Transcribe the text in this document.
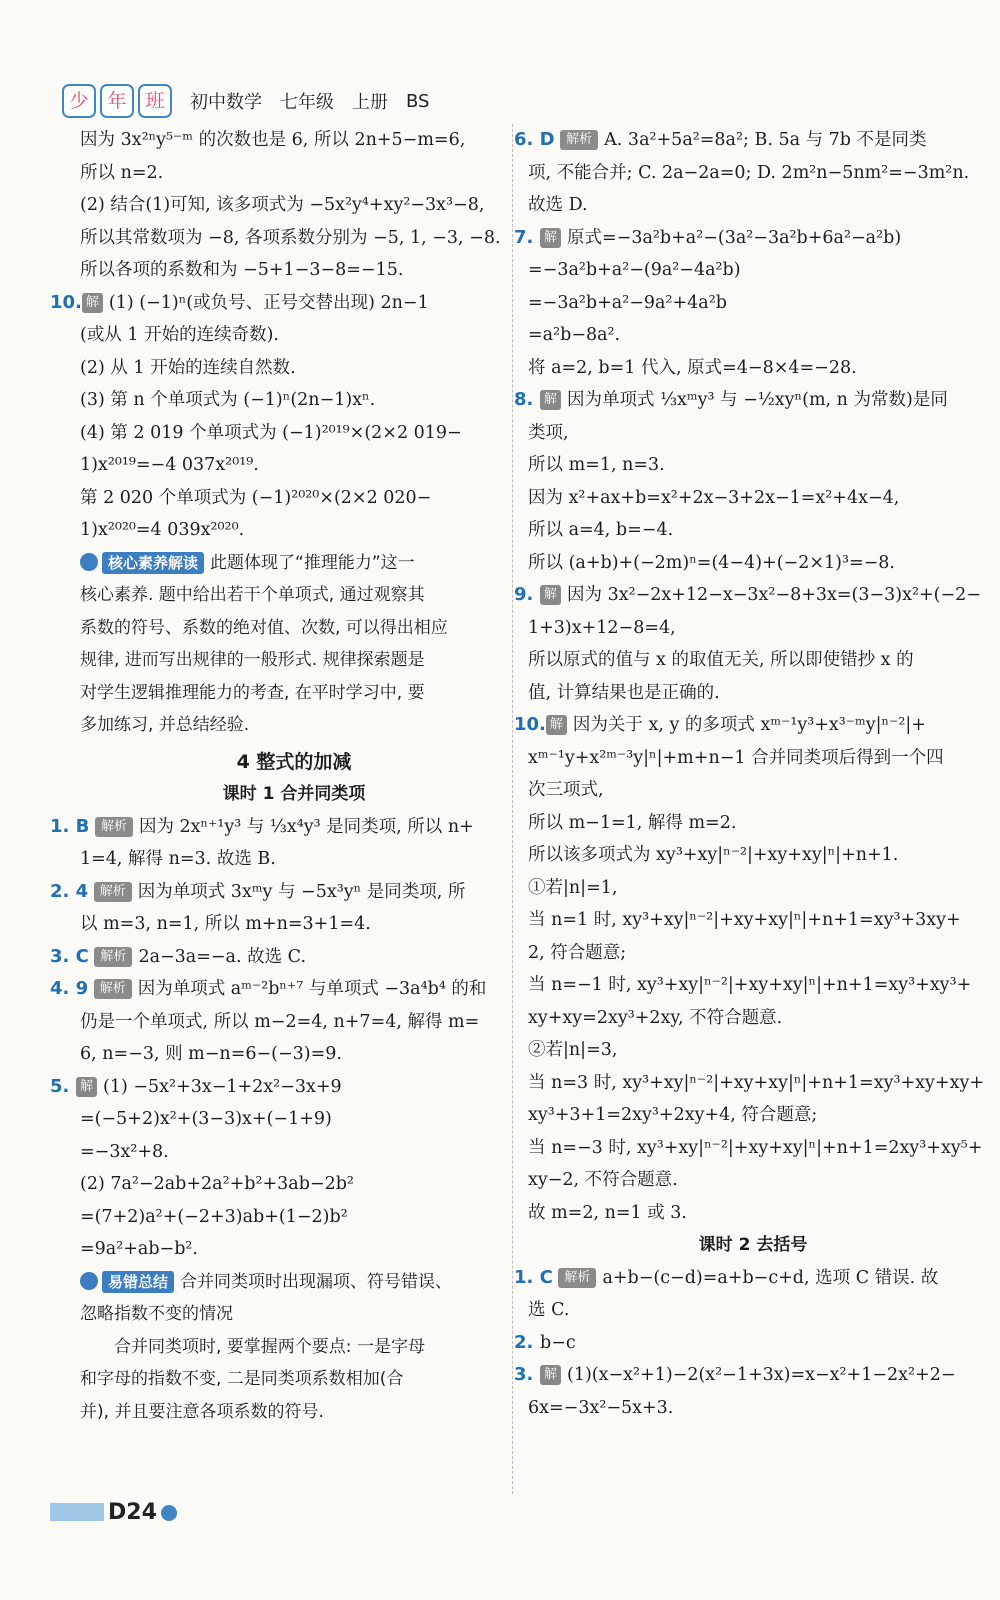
少 年 班	初中数学 七年级 上册 BS
因为 3x²ⁿy⁵⁻ᵐ 的次数也是 6, 所以 2n+5−m=6,
所以 n=2.
(2) 结合(1)可知, 该多项式为 −5x²y⁴+xy²−3x³−8,
所以其常数项为 −8, 各项系数分别为 −5, 1, −3, −8.
所以各项的系数和为 −5+1−3−8=−15.
10. 解 (1) (−1)ⁿ(或负号、正号交替出现) 2n−1
(或从 1 开始的连续奇数).
(2) 从 1 开始的连续自然数.
(3) 第 n 个单项式为 (−1)ⁿ(2n−1)xⁿ.
(4) 第 2 019 个单项式为 (−1)²⁰¹⁹×(2×2 019−
1)x²⁰¹⁹=−4 037x²⁰¹⁹.
第 2 020 个单项式为 (−1)²⁰²⁰×(2×2 020−
1)x²⁰²⁰=4 039x²⁰²⁰.
核心素养解读 此题体现了“推理能力”这一
核心素养. 题中给出若干个单项式, 通过观察其
系数的符号、系数的绝对值、次数, 可以得出相应
规律, 进而写出规律的一般形式. 规律探索题是
对学生逻辑推理能力的考查, 在平时学习中, 要
多加练习, 并总结经验.
4 整式的加减
课时 1 合并同类项
1. B 解析 因为 2xⁿ⁺¹y³ 与 ⅓x⁴y³ 是同类项, 所以 n+
1=4, 解得 n=3. 故选 B.
2. 4 解析 因为单项式 3xᵐy 与 −5x³yⁿ 是同类项, 所
以 m=3, n=1, 所以 m+n=3+1=4.
3. C 解析 2a−3a=−a. 故选 C.
4. 9 解析 因为单项式 aᵐ⁻²bⁿ⁺⁷ 与单项式 −3a⁴b⁴ 的和
仍是一个单项式, 所以 m−2=4, n+7=4, 解得 m=
6, n=−3, 则 m−n=6−(−3)=9.
5. 解 (1) −5x²+3x−1+2x²−3x+9
=(−5+2)x²+(3−3)x+(−1+9)
=−3x²+8.
(2) 7a²−2ab+2a²+b²+3ab−2b²
=(7+2)a²+(−2+3)ab+(1−2)b²
=9a²+ab−b².
易错总结 合并同类项时出现漏项、符号错误、
忽略指数不变的情况
合并同类项时, 要掌握两个要点: 一是字母
和字母的指数不变, 二是同类项系数相加(合
并), 并且要注意各项系数的符号.
6. D 解析 A. 3a²+5a²=8a²; B. 5a 与 7b 不是同类
项, 不能合并; C. 2a−2a=0; D. 2m²n−5nm²=−3m²n.
故选 D.
7. 解 原式=−3a²b+a²−(3a²−3a²b+6a²−a²b)
=−3a²b+a²−(9a²−4a²b)
=−3a²b+a²−9a²+4a²b
=a²b−8a².
将 a=2, b=1 代入, 原式=4−8×4=−28.
8. 解 因为单项式 ⅓xᵐy³ 与 −½xyⁿ(m, n 为常数)是同
类项,
所以 m=1, n=3.
因为 x²+ax+b=x²+2x−3+2x−1=x²+4x−4,
所以 a=4, b=−4.
所以 (a+b)+(−2m)ⁿ=(4−4)+(−2×1)³=−8.
9. 解 因为 3x²−2x+12−x−3x²−8+3x=(3−3)x²+(−2−
1+3)x+12−8=4,
所以原式的值与 x 的取值无关, 所以即使错抄 x 的
值, 计算结果也是正确的.
10. 解 因为关于 x, y 的多项式 xᵐ⁻¹y³+x³⁻ᵐy|ⁿ⁻²|+
xᵐ⁻¹y+x²ᵐ⁻³y|ⁿ|+m+n−1 合并同类项后得到一个四
次三项式,
所以 m−1=1, 解得 m=2.
所以该多项式为 xy³+xy|ⁿ⁻²|+xy+xy|ⁿ|+n+1.
①若|n|=1,
当 n=1 时, xy³+xy|ⁿ⁻²|+xy+xy|ⁿ|+n+1=xy³+3xy+
2, 符合题意;
当 n=−1 时, xy³+xy|ⁿ⁻²|+xy+xy|ⁿ|+n+1=xy³+xy³+
xy+xy=2xy³+2xy, 不符合题意.
②若|n|=3,
当 n=3 时, xy³+xy|ⁿ⁻²|+xy+xy|ⁿ|+n+1=xy³+xy+xy+
xy³+3+1=2xy³+2xy+4, 符合题意;
当 n=−3 时, xy³+xy|ⁿ⁻²|+xy+xy|ⁿ|+n+1=2xy³+xy⁵+
xy−2, 不符合题意.
故 m=2, n=1 或 3.
课时 2 去括号
1. C 解析 a+b−(c−d)=a+b−c+d, 选项 C 错误. 故
选 C.
2. b−c
3. 解 (1)(x−x²+1)−2(x²−1+3x)=x−x²+1−2x²+2−
6x=−3x²−5x+3.
D24
